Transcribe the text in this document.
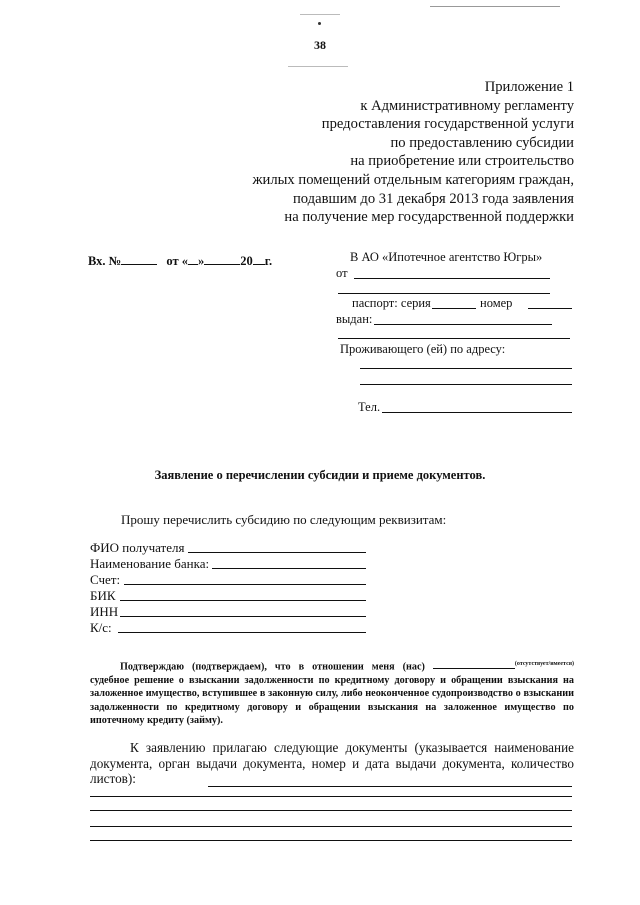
38
Приложение 1
к Административному регламенту
предоставления государственной услуги
по предоставлению субсидии
на приобретение или строительство
жилых помещений отдельным категориям граждан,
подавшим до 31 декабря 2013 года заявления
на получение мер государственной поддержки
Вх. №	от « »	20 г.	В АО «Ипотечное агентство Югры»
от
паспорт: серия	номер
выдан:
Проживающего (ей) по адресу:
Тел.
Заявление о перечислении субсидии и приеме документов.
Прошу перечислить субсидию по следующим реквизитам:
ФИО получателя
Наименование банка:
Счет:
БИК
ИНН
К/с:
Подтверждаю (подтверждаем), что в отношении меня (нас)	$^{(отсутствует/имеется)}$ судебное решение о взыскании задолженности по кредитному договору и обращении взыскания на заложенное имущество, вступившее в законную силу, либо неоконченное судопроизводство о взыскании задолженности по кредитному договору и обращении взыскания на заложенное имущество по ипотечному кредиту (займу).
К заявлению прилагаю следующие документы (указывается наименование документа, орган выдачи документа, номер и дата выдачи документа, количество листов):
